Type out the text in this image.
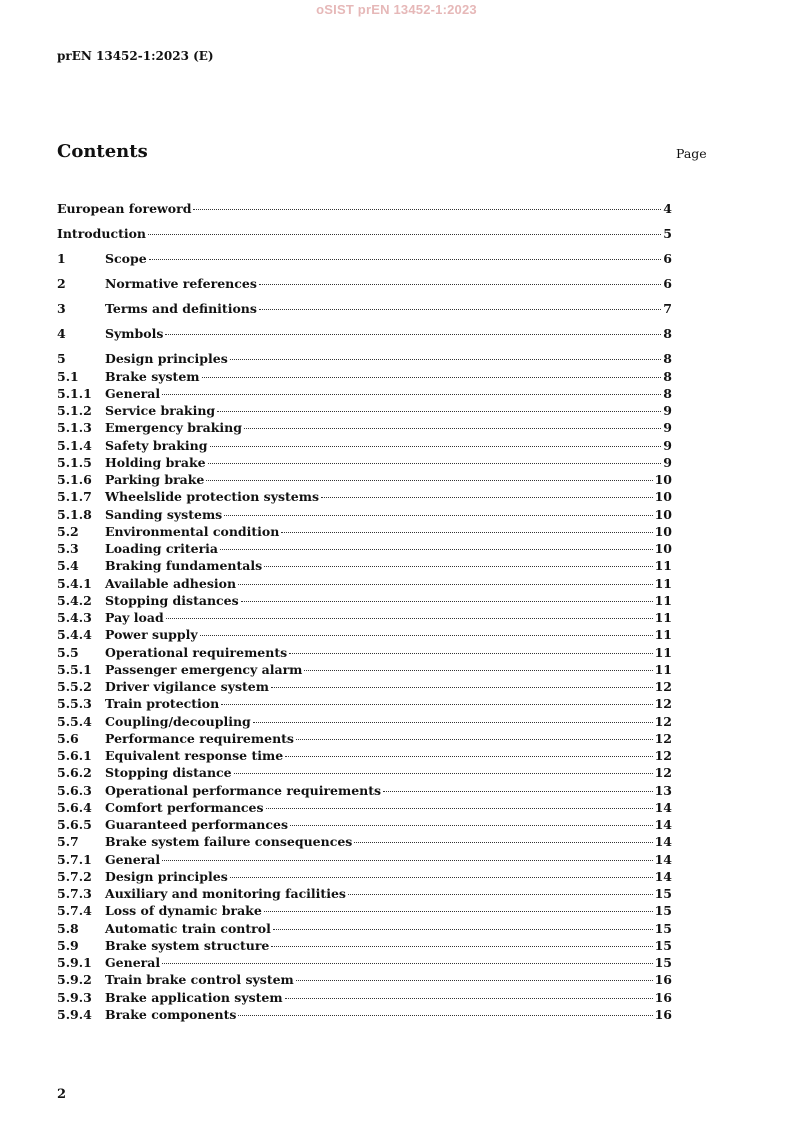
oSIST prEN 13452-1:2023
prEN 13452-1:2023 (E)
Contents	Page
European foreword	4
Introduction	5
1	Scope	6
2	Normative references	6
3	Terms and definitions	7
4	Symbols	8
5	Design principles	8
5.1	Brake system	8
5.1.1	General	8
5.1.2	Service braking	9
5.1.3	Emergency braking	9
5.1.4	Safety braking	9
5.1.5	Holding brake	9
5.1.6	Parking brake	10
5.1.7	Wheelslide protection systems	10
5.1.8	Sanding systems	10
5.2	Environmental condition	10
5.3	Loading criteria	10
5.4	Braking fundamentals	11
5.4.1	Available adhesion	11
5.4.2	Stopping distances	11
5.4.3	Pay load	11
5.4.4	Power supply	11
5.5	Operational requirements	11
5.5.1	Passenger emergency alarm	11
5.5.2	Driver vigilance system	12
5.5.3	Train protection	12
5.5.4	Coupling/decoupling	12
5.6	Performance requirements	12
5.6.1	Equivalent response time	12
5.6.2	Stopping distance	12
5.6.3	Operational performance requirements	13
5.6.4	Comfort performances	14
5.6.5	Guaranteed performances	14
5.7	Brake system failure consequences	14
5.7.1	General	14
5.7.2	Design principles	14
5.7.3	Auxiliary and monitoring facilities	15
5.7.4	Loss of dynamic brake	15
5.8	Automatic train control	15
5.9	Brake system structure	15
5.9.1	General	15
5.9.2	Train brake control system	16
5.9.3	Brake application system	16
5.9.4	Brake components	16
2
